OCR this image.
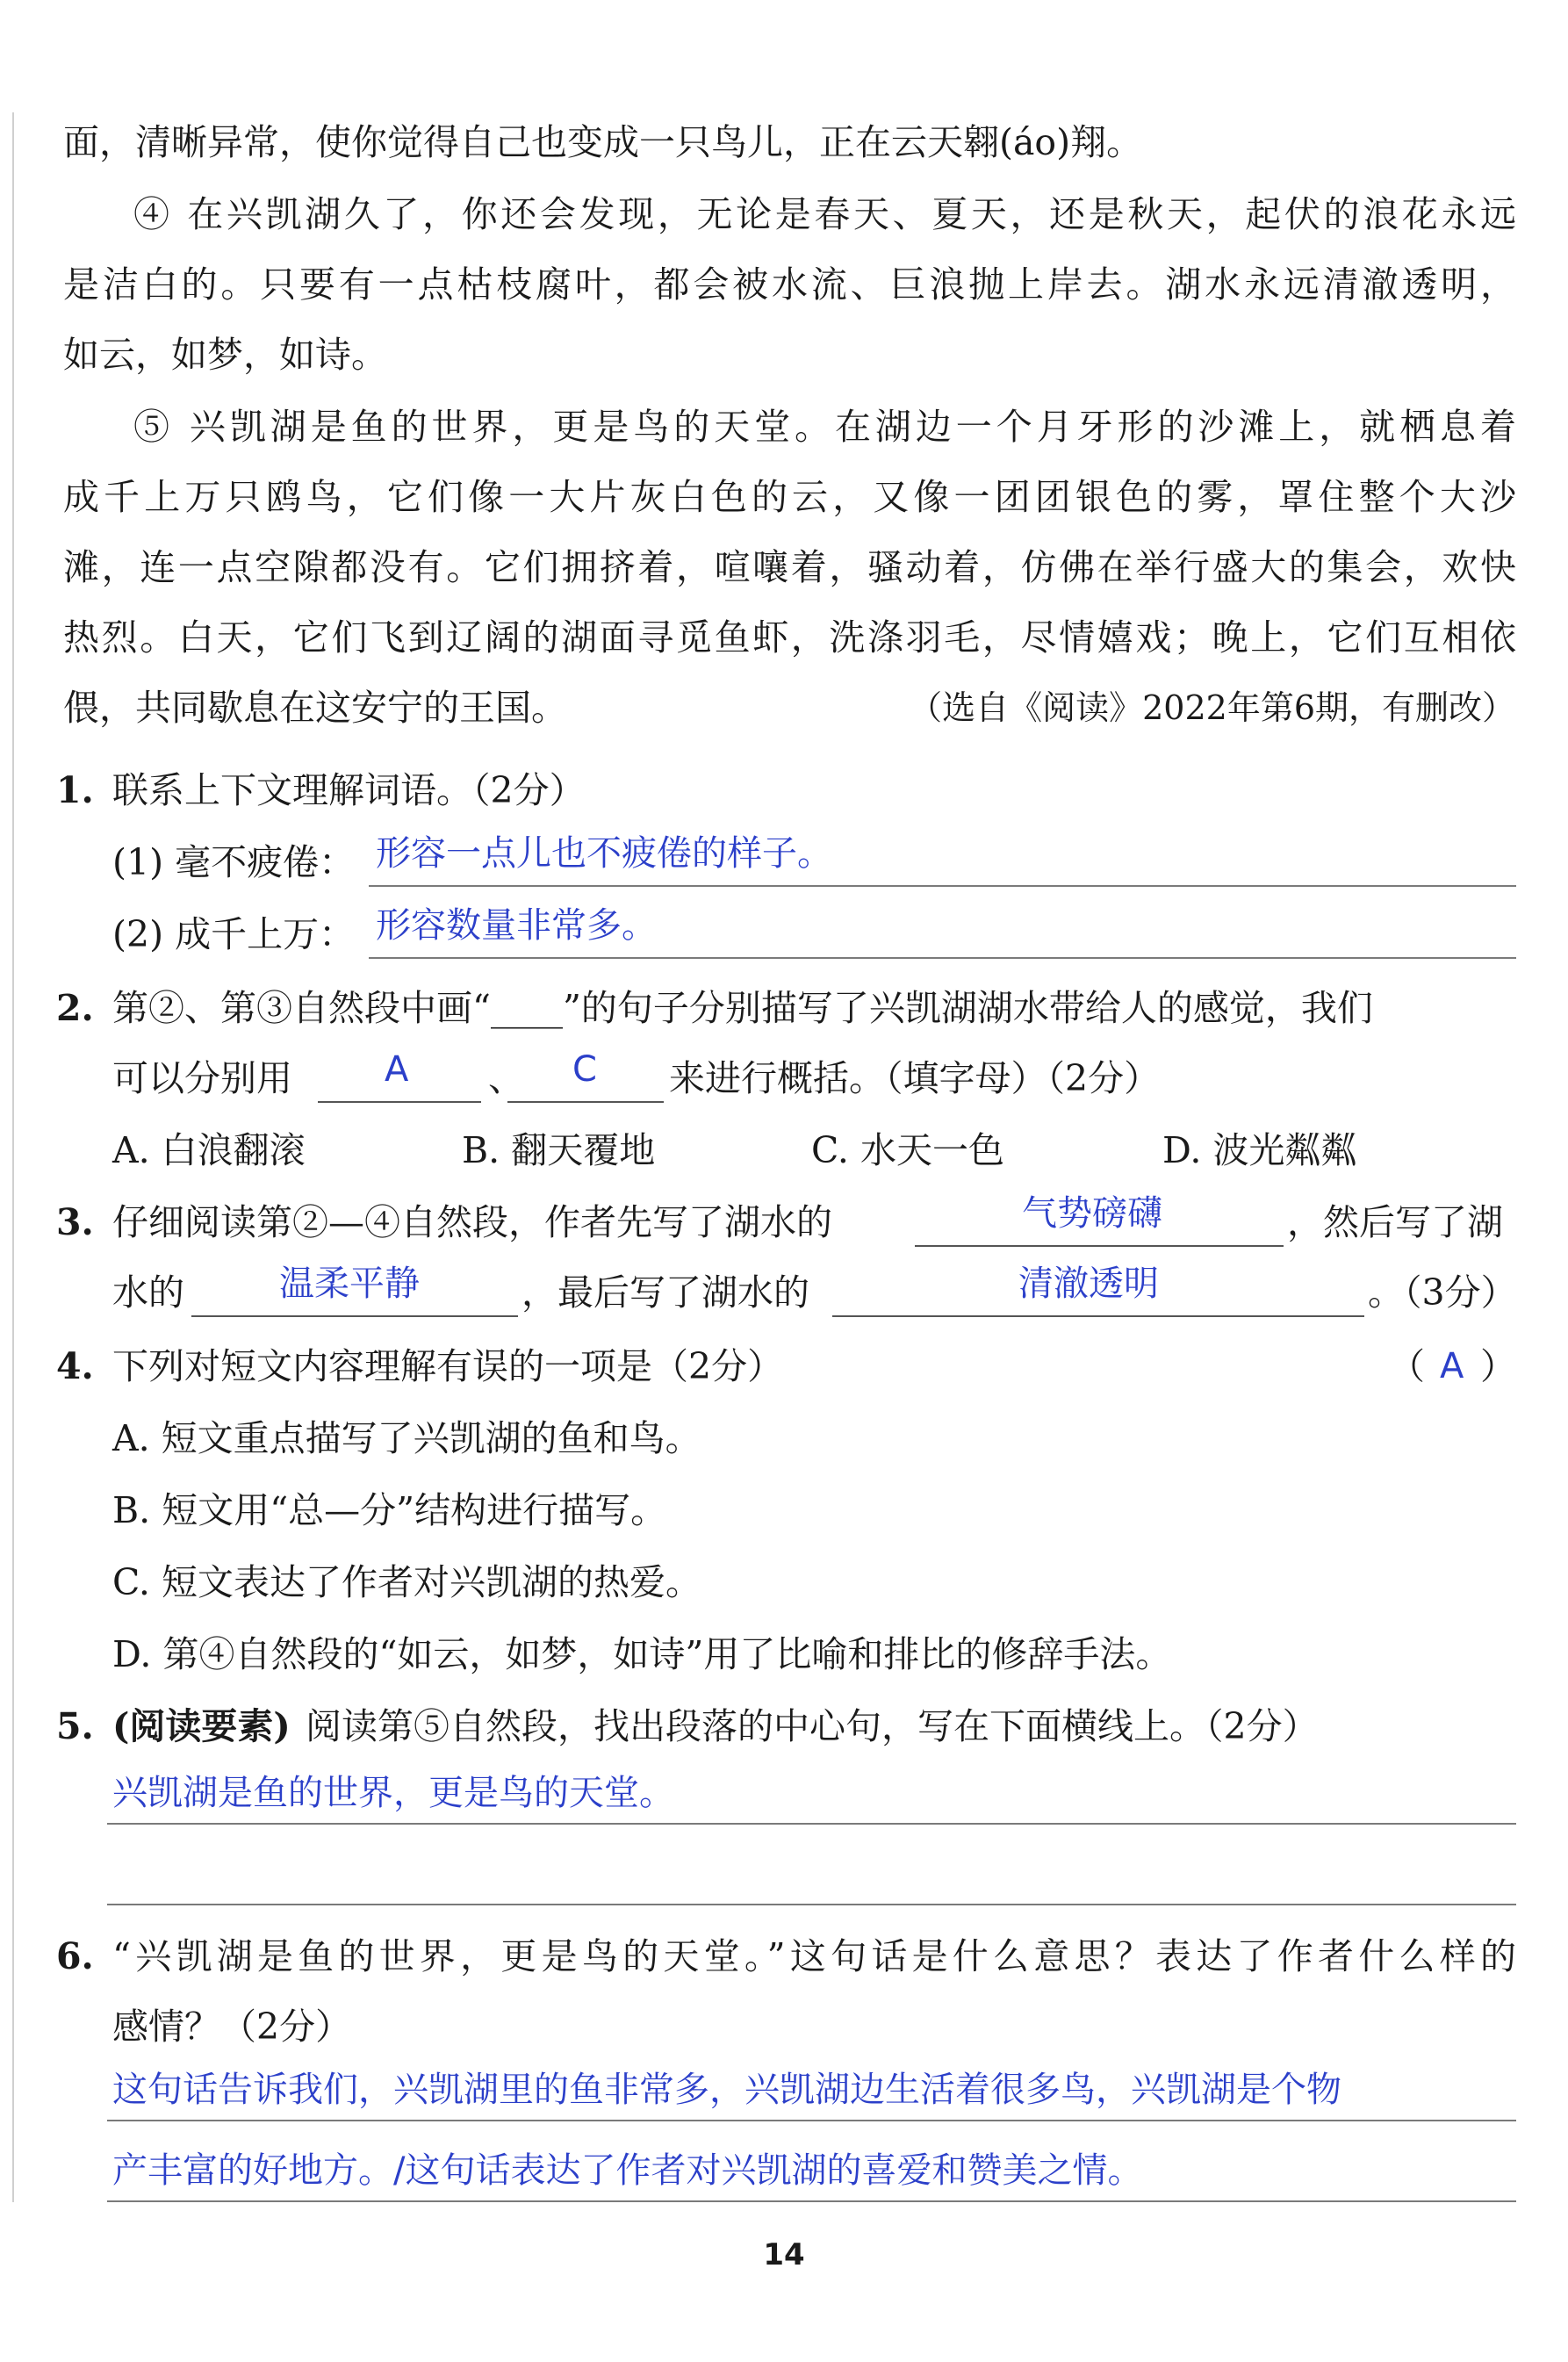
面，清晰异常，使你觉得自己也变成一只鸟儿，正在云天翱(áo)翔。
④ 在兴凯湖久了，你还会发现，无论是春天、夏天，还是秋天，起伏的浪花永远
是洁白的。只要有一点枯枝腐叶，都会被水流、巨浪抛上岸去。湖水永远清澈透明，
如云，如梦，如诗。
⑤ 兴凯湖是鱼的世界，更是鸟的天堂。在湖边一个月牙形的沙滩上，就栖息着
成千上万只鸥鸟，它们像一大片灰白色的云，又像一团团银色的雾，罩住整个大沙
滩，连一点空隙都没有。它们拥挤着，喧嚷着，骚动着，仿佛在举行盛大的集会，欢快
热烈。白天，它们飞到辽阔的湖面寻觅鱼虾，洗涤羽毛，尽情嬉戏；晚上，它们互相依
偎，共同歇息在这安宁的王国。	（选自《阅读》2022年第6期，有删改）
1. 联系上下文理解词语。（2分）
(1) 毫不疲倦： 形容一点儿也不疲倦的样子。
(2) 成千上万： 形容数量非常多。
2. 第②、第③自然段中画“____”的句子分别描写了兴凯湖湖水带给人的感觉，我们
可以分别用	A 、 C 来进行概括。（填字母）（2分）
A. 白浪翻滚	B. 翻天覆地	C. 水天一色	D. 波光粼粼
3. 仔细阅读第②—④自然段，作者先写了湖水的	气势磅礴	，然后写了湖
水的	温柔平静	，最后写了湖水的	清澈透明	。（3分）
4. 下列对短文内容理解有误的一项是（2分）	（ A ）
A. 短文重点描写了兴凯湖的鱼和鸟。
B. 短文用“总—分”结构进行描写。
C. 短文表达了作者对兴凯湖的热爱。
D. 第④自然段的“如云，如梦，如诗”用了比喻和排比的修辞手法。
5. (阅读要素) 阅读第⑤自然段，找出段落的中心句，写在下面横线上。（2分）
兴凯湖是鱼的世界，更是鸟的天堂。
6. “兴凯湖是鱼的世界，更是鸟的天堂。”这句话是什么意思？表达了作者什么样的
感情？（2分）
这句话告诉我们，兴凯湖里的鱼非常多，兴凯湖边生活着很多鸟，兴凯湖是个物
产丰富的好地方。/这句话表达了作者对兴凯湖的喜爱和赞美之情。
14
